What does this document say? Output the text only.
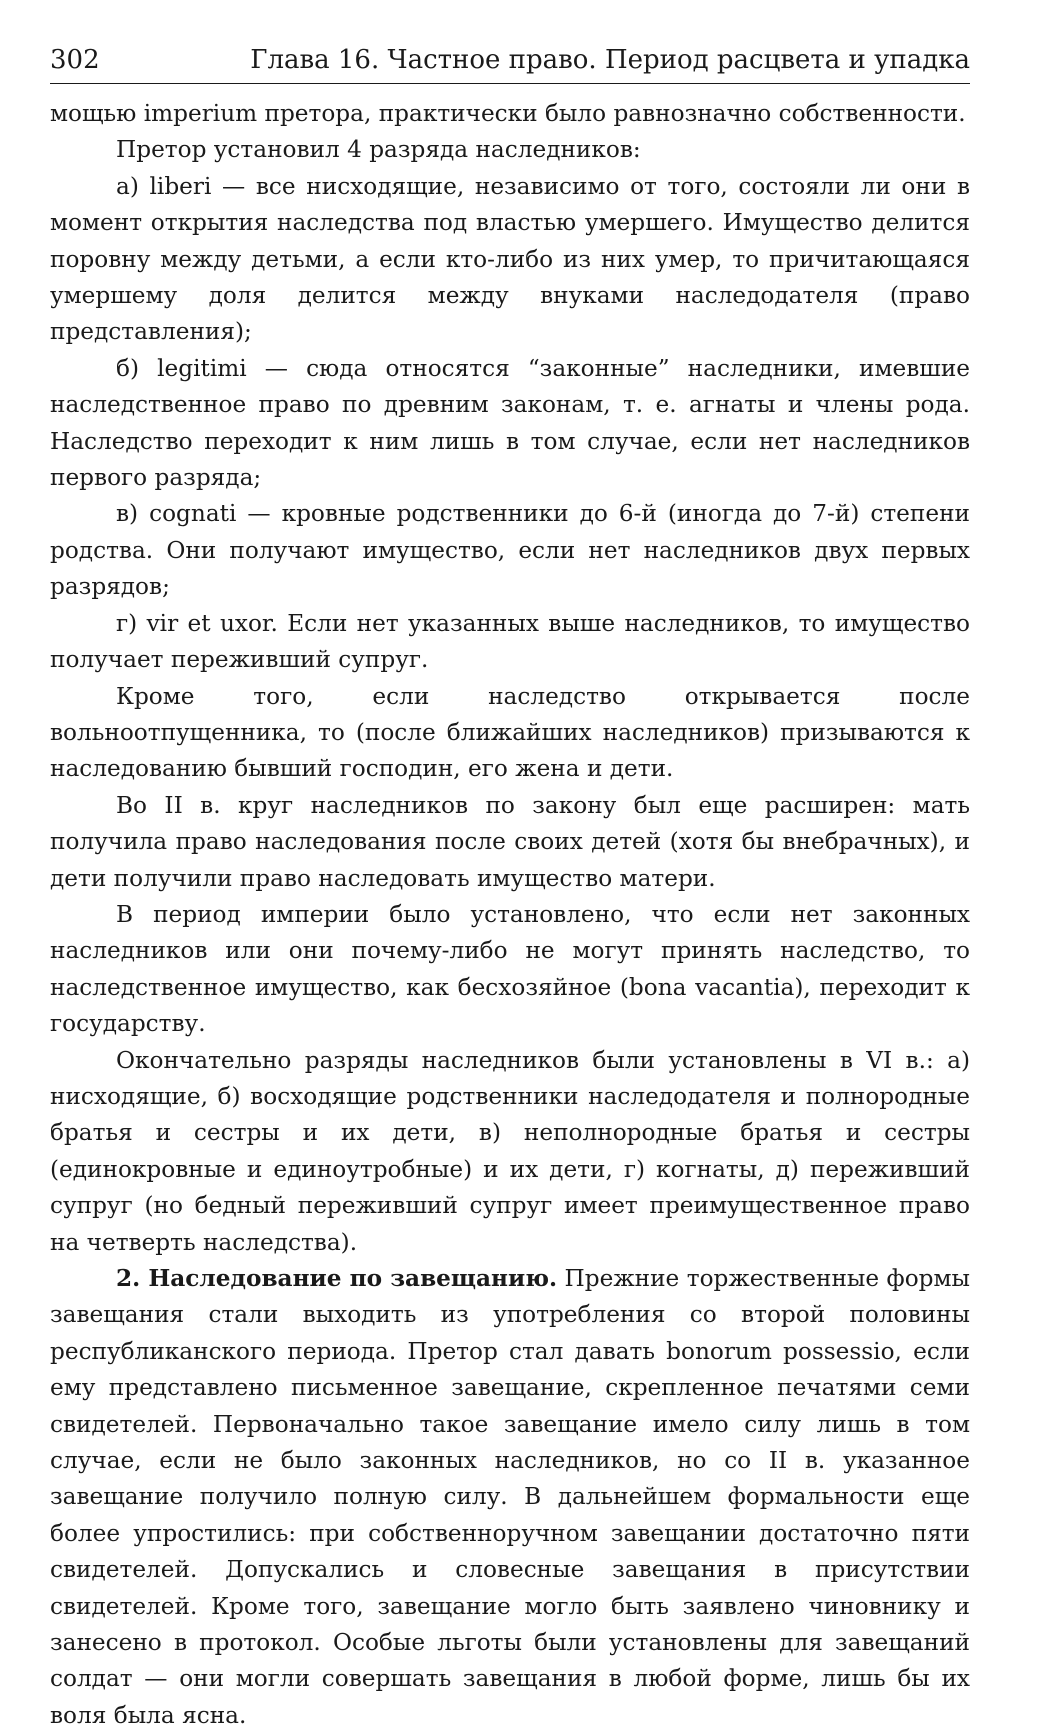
302	Глава 16. Частное право. Период расцвета и упадка

мощью imperium претора, практически было равнозначно собственности.

Претор установил 4 разряда наследников:

а) liberi — все нисходящие, независимо от того, состояли ли они в момент открытия наследства под властью умершего. Имущество делится поровну между детьми, а если кто-либо из них умер, то причитающаяся умершему доля делится между внуками наследодателя (право представления);

б) legitimi — сюда относятся “законные” наследники, имевшие наследственное право по древним законам, т. е. агнаты и члены рода. Наследство переходит к ним лишь в том случае, если нет наследников первого разряда;

в) cognati — кровные родственники до 6-й (иногда до 7-й) степени родства. Они получают имущество, если нет наследников двух первых разрядов;

г) vir et uxor. Если нет указанных выше наследников, то имущество получает переживший супруг.

Кроме того, если наследство открывается после вольноотпущенника, то (после ближайших наследников) призываются к наследованию бывший господин, его жена и дети.

Во II в. круг наследников по закону был еще расширен: мать получила право наследования после своих детей (хотя бы внебрачных), и дети получили право наследовать имущество матери.

В период империи было установлено, что если нет законных наследников или они почему-либо не могут принять наследство, то наследственное имущество, как бесхозяйное (bona vacantia), переходит к государству.

Окончательно разряды наследников были установлены в VI в.: а) нисходящие, б) восходящие родственники наследодателя и полнородные братья и сестры и их дети, в) неполнородные братья и сестры (единокровные и единоутробные) и их дети, г) когнаты, д) переживший супруг (но бедный переживший супруг имеет преимущественное право на четверть наследства).

2. Наследование по завещанию. Прежние торжественные формы завещания стали выходить из употребления со второй половины республиканского периода. Претор стал давать bonorum possessio, если ему представлено письменное завещание, скрепленное печатями семи свидетелей. Первоначально такое завещание имело силу лишь в том случае, если не было законных наследников, но со II в. указанное завещание получило полную силу. В дальнейшем формальности еще более упростились: при собственноручном завещании достаточно пяти свидетелей. Допускались и словесные завещания в присутствии свидетелей. Кроме того, завещание могло быть заявлено чиновнику и занесено в протокол. Особые льготы были установлены для завещаний солдат — они могли совершать завещания в любой форме, лишь бы их воля была ясна.
